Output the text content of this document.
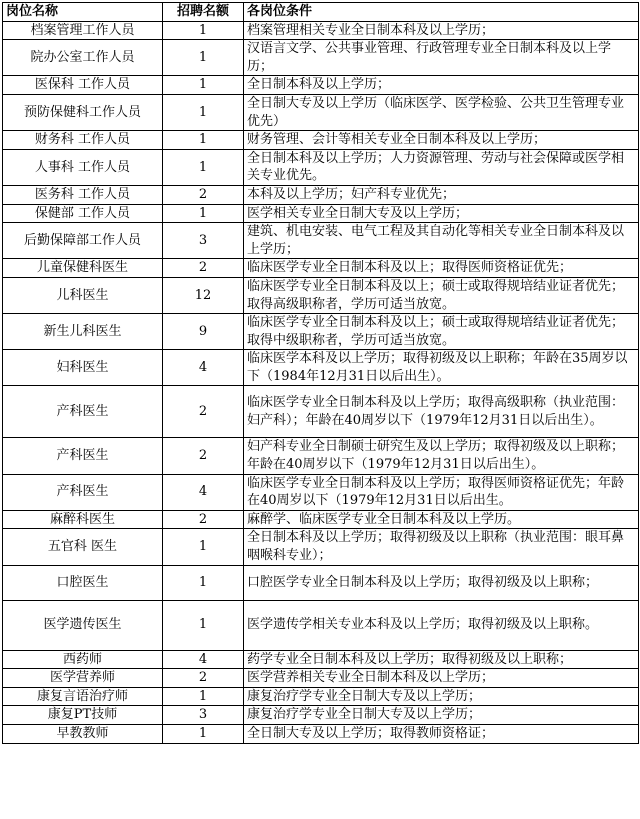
岗位名称	招聘名额	各岗位条件
档案管理工作人员	1	档案管理相关专业全日制本科及以上学历；
院办公室工作人员	1	汉语言文学、公共事业管理、行政管理专业全日制本科及以上学历；
医保科 工作人员	1	全日制本科及以上学历；
预防保健科工作人员	1	全日制大专及以上学历（临床医学、医学检验、公共卫生管理专业优先）
财务科 工作人员	1	财务管理、会计等相关专业全日制本科及以上学历；
人事科 工作人员	1	全日制本科及以上学历；人力资源管理、劳动与社会保障或医学相关专业优先。
医务科 工作人员	2	本科及以上学历；妇产科专业优先；
保健部 工作人员	1	医学相关专业全日制大专及以上学历；
后勤保障部工作人员	3	建筑、机电安装、电气工程及其自动化等相关专业全日制本科及以上学历；
儿童保健科医生	2	临床医学专业全日制本科及以上；取得医师资格证优先；
儿科医生	12	临床医学专业全日制本科及以上；硕士或取得规培结业证者优先；取得高级职称者，学历可适当放宽。
新生儿科医生	9	临床医学专业全日制本科及以上；硕士或取得规培结业证者优先；取得中级职称者，学历可适当放宽。
妇科医生	4	临床医学本科及以上学历；取得初级及以上职称；年龄在35周岁以下（1984年12月31日以后出生）。
产科医生	2	临床医学专业全日制本科及以上学历；取得高级职称（执业范围：妇产科）；年龄在40周岁以下（1979年12月31日以后出生）。
产科医生	2	妇产科专业全日制硕士研究生及以上学历；取得初级及以上职称；年龄在40周岁以下（1979年12月31日以后出生）。
产科医生	4	临床医学专业全日制本科及以上学历；取得医师资格证优先；年龄在40周岁以下（1979年12月31日以后出生。
麻醉科医生	2	麻醉学、临床医学专业全日制本科及以上学历。
五官科 医生	1	全日制本科及以上学历；取得初级及以上职称（执业范围：眼耳鼻咽喉科专业）；
口腔医生	1	口腔医学专业全日制本科及以上学历；取得初级及以上职称；
医学遗传医生	1	医学遗传学相关专业本科及以上学历；取得初级及以上职称。
西药师	4	药学专业全日制本科及以上学历；取得初级及以上职称；
医学营养师	2	医学营养相关专业全日制本科及以上学历；
康复言语治疗师	1	康复治疗学专业全日制大专及以上学历；
康复PT技师	3	康复治疗学专业全日制大专及以上学历；
早教教师	1	全日制大专及以上学历；取得教师资格证；
